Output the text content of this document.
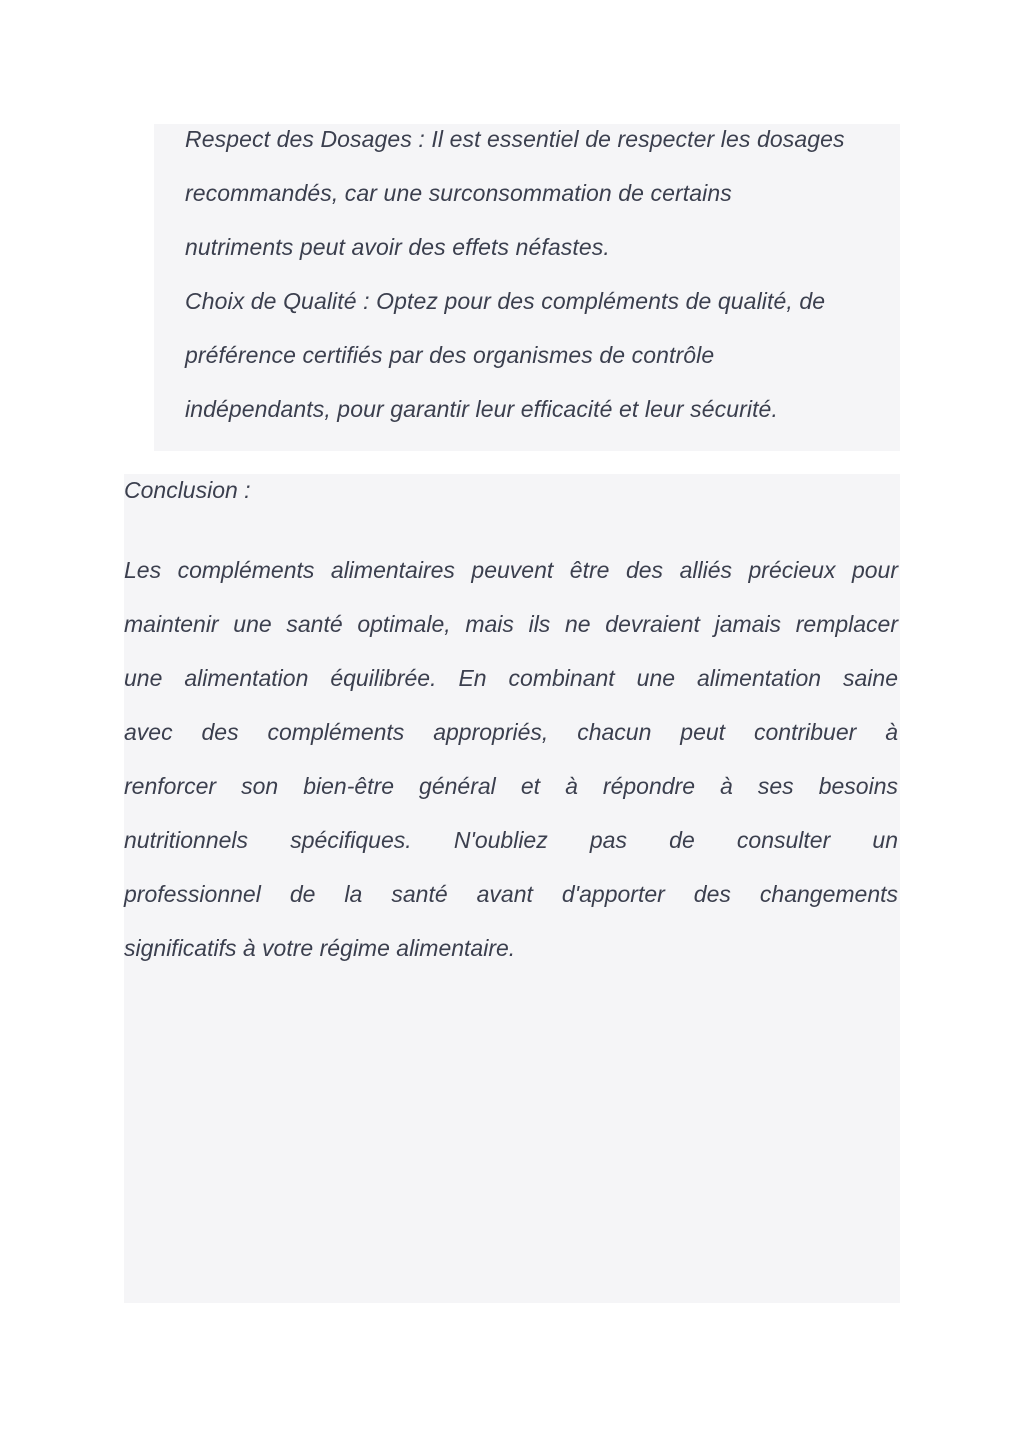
Respect des Dosages : Il est essentiel de respecter les dosages
recommandés, car une surconsommation de certains
nutriments peut avoir des effets néfastes.

Choix de Qualité : Optez pour des compléments de qualité, de
préférence certifiés par des organismes de contrôle
indépendants, pour garantir leur efficacité et leur sécurité.

Conclusion :

Les compléments alimentaires peuvent être des alliés précieux pour
maintenir une santé optimale, mais ils ne devraient jamais remplacer
une alimentation équilibrée. En combinant une alimentation saine
avec des compléments appropriés, chacun peut contribuer à
renforcer son bien-être général et à répondre à ses besoins
nutritionnels spécifiques. N'oubliez pas de consulter un
professionnel de la santé avant d'apporter des changements
significatifs à votre régime alimentaire.
